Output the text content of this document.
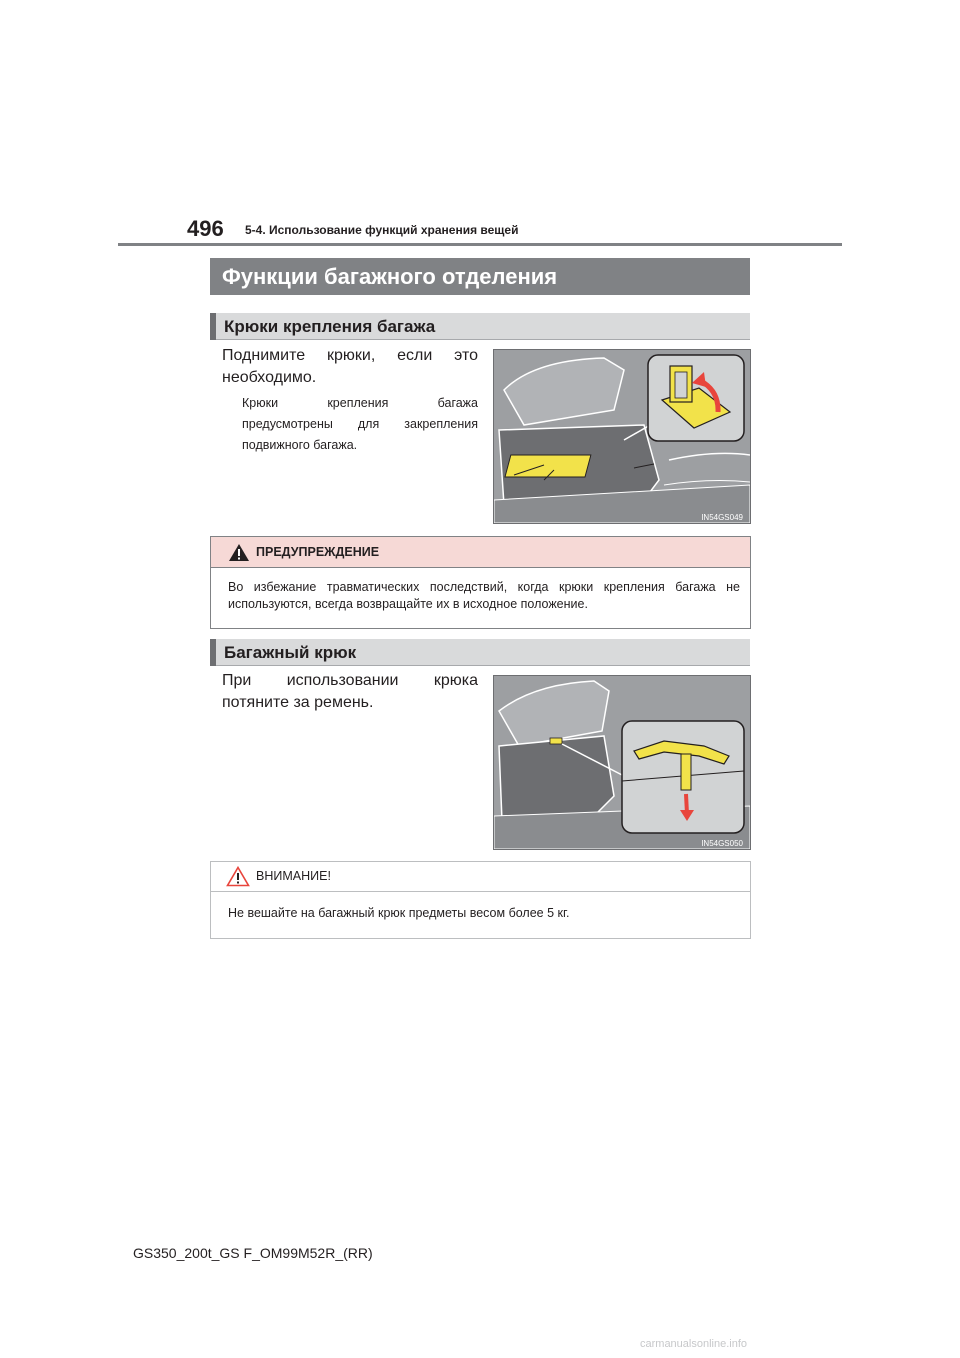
496 5-4. Использование функций хранения вещей
Функции багажного отделения
Крюки крепления багажа
Поднимите крюки, если это
необходимо.
Крюки крепления багажа
предусмотрены для закрепления
подвижного багажа.
IN54GS049
ПРЕДУПРЕЖДЕНИЕ
Во избежание травматических последствий, когда крюки крепления багажа не
используются, всегда возвращайте их в исходное положение.
Багажный крюк
При использовании крюка
потяните за ремень.
IN54GS050
ВНИМАНИЕ!
Не вешайте на багажный крюк предметы весом более 5 кг.
GS350_200t_GS F_OM99M52R_(RR)
carmanualsonline.info
